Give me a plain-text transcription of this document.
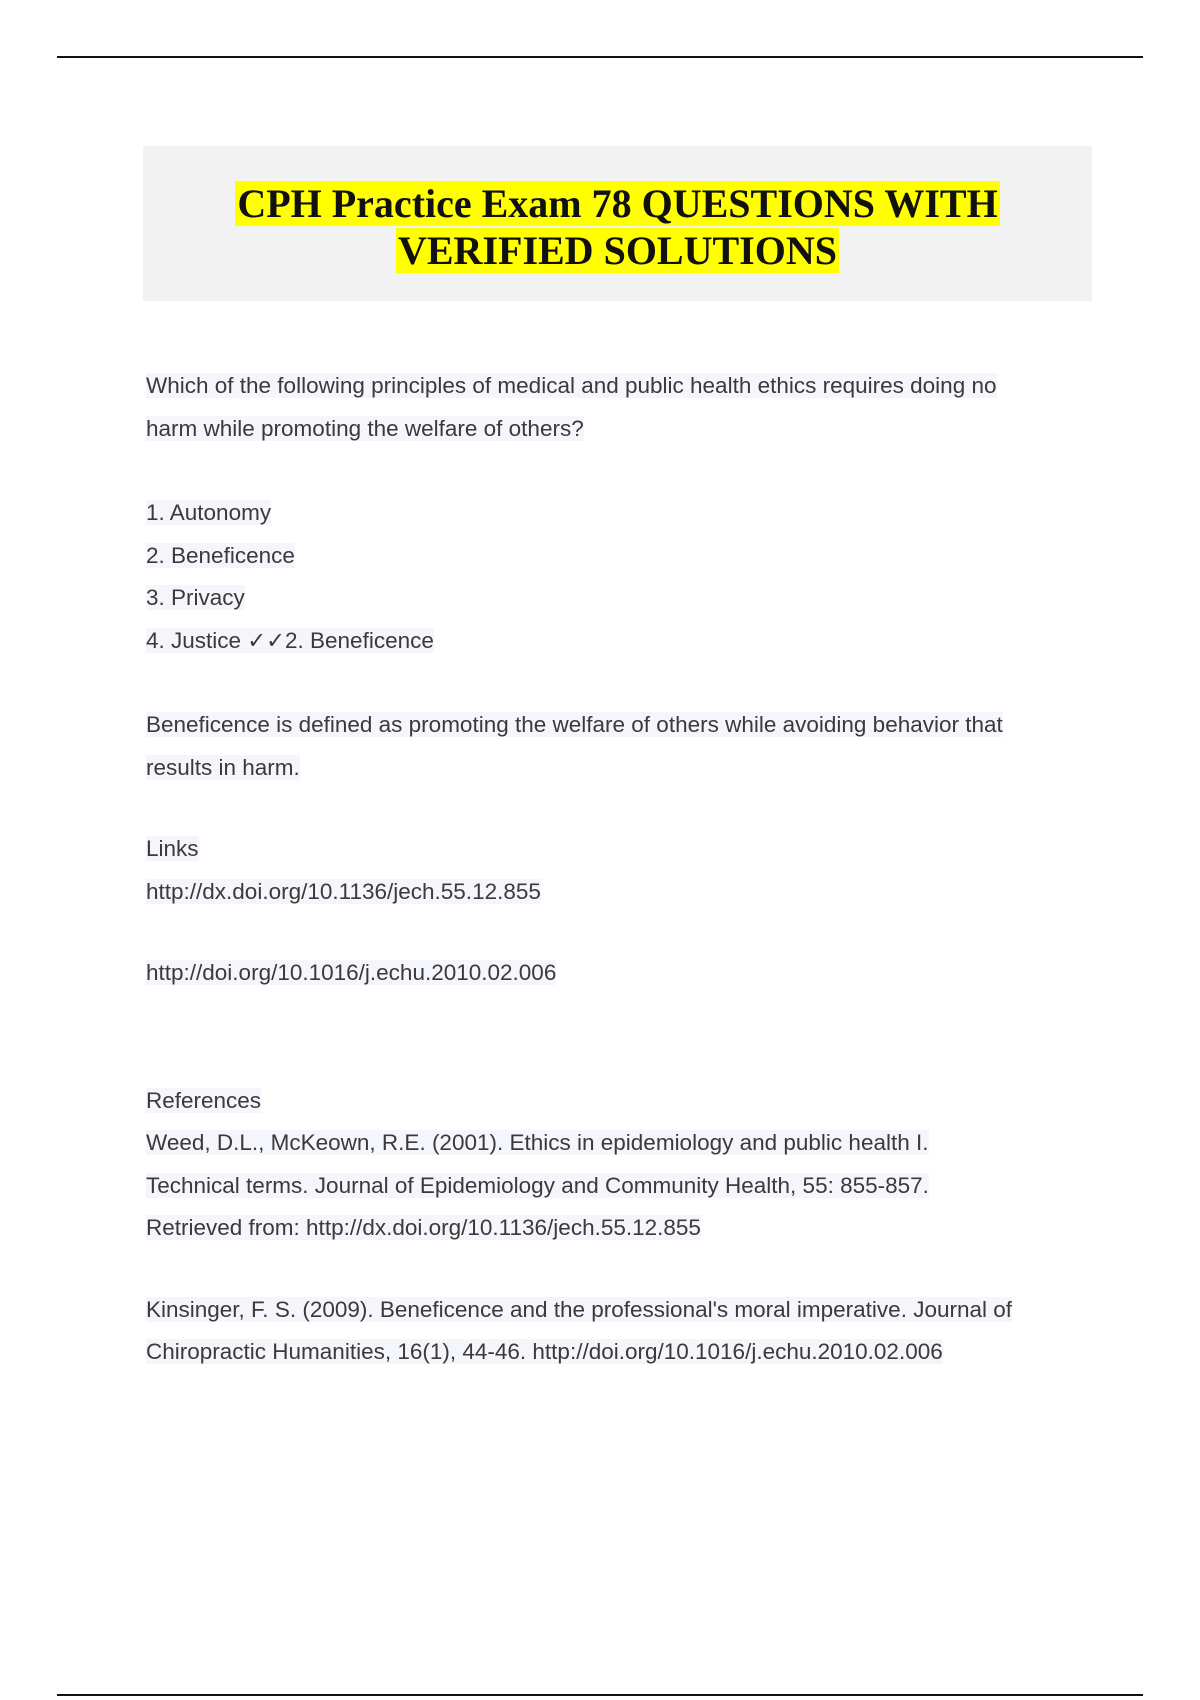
CPH Practice Exam 78 QUESTIONS WITH
VERIFIED SOLUTIONS

Which of the following principles of medical and public health ethics requires doing no
harm while promoting the welfare of others?

1. Autonomy

2. Beneficence

3. Privacy

4. Justice ✓✓2. Beneficence

Beneficence is defined as promoting the welfare of others while avoiding behavior that
results in harm.

Links

http://dx.doi.org/10.1136/jech.55.12.855

http://doi.org/10.1016/j.echu.2010.02.006

References

Weed, D.L., McKeown, R.E. (2001). Ethics in epidemiology and public health I.
Technical terms. Journal of Epidemiology and Community Health, 55: 855-857.
Retrieved from: http://dx.doi.org/10.1136/jech.55.12.855

Kinsinger, F. S. (2009). Beneficence and the professional's moral imperative. Journal of
Chiropractic Humanities, 16(1), 44-46. http://doi.org/10.1016/j.echu.2010.02.006
